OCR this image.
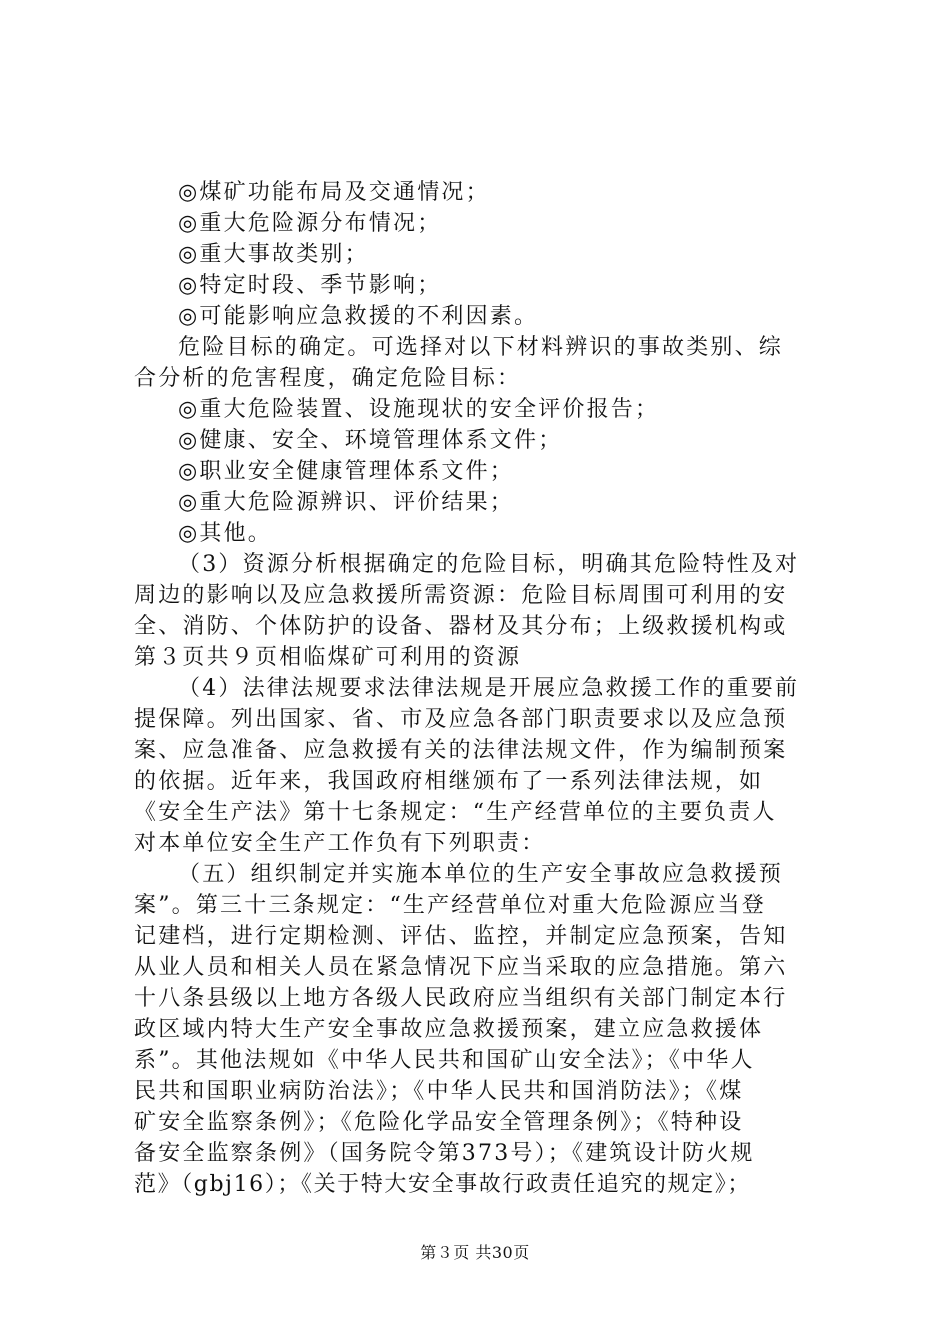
◎煤矿功能布局及交通情况；
◎重大危险源分布情况；
◎重大事故类别；
◎特定时段、季节影响；
◎可能影响应急救援的不利因素。
危险目标的确定。可选择对以下材料辨识的事故类别、综
合分析的危害程度，确定危险目标：
◎重大危险装置、设施现状的安全评价报告；
◎健康、安全、环境管理体系文件；
◎职业安全健康管理体系文件；
◎重大危险源辨识、评价结果；
◎其他。
（3）资源分析根据确定的危险目标，明确其危险特性及对
周边的影响以及应急救援所需资源：危险目标周围可利用的安
全、消防、个体防护的设备、器材及其分布；上级救援机构或
第３页共９页相临煤矿可利用的资源
（4）法律法规要求法律法规是开展应急救援工作的重要前
提保障。列出国家、省、市及应急各部门职责要求以及应急预
案、应急准备、应急救援有关的法律法规文件，作为编制预案
的依据。近年来，我国政府相继颁布了一系列法律法规，如
《安全生产法》第十七条规定：“生产经营单位的主要负责人
对本单位安全生产工作负有下列职责：
（五）组织制定并实施本单位的生产安全事故应急救援预
案”。第三十三条规定：“生产经营单位对重大危险源应当登
记建档，进行定期检测、评估、监控，并制定应急预案，告知
从业人员和相关人员在紧急情况下应当采取的应急措施。第六
十八条县级以上地方各级人民政府应当组织有关部门制定本行
政区域内特大生产安全事故应急救援预案，建立应急救援体
系”。其他法规如《中华人民共和国矿山安全法》；《中华人
民共和国职业病防治法》；《中华人民共和国消防法》；《煤
矿安全监察条例》；《危险化学品安全管理条例》；《特种设
备安全监察条例》（国务院令第373号）；《建筑设计防火规
范》（gbj16）；《关于特大安全事故行政责任追究的规定》；
第３页 共30页
